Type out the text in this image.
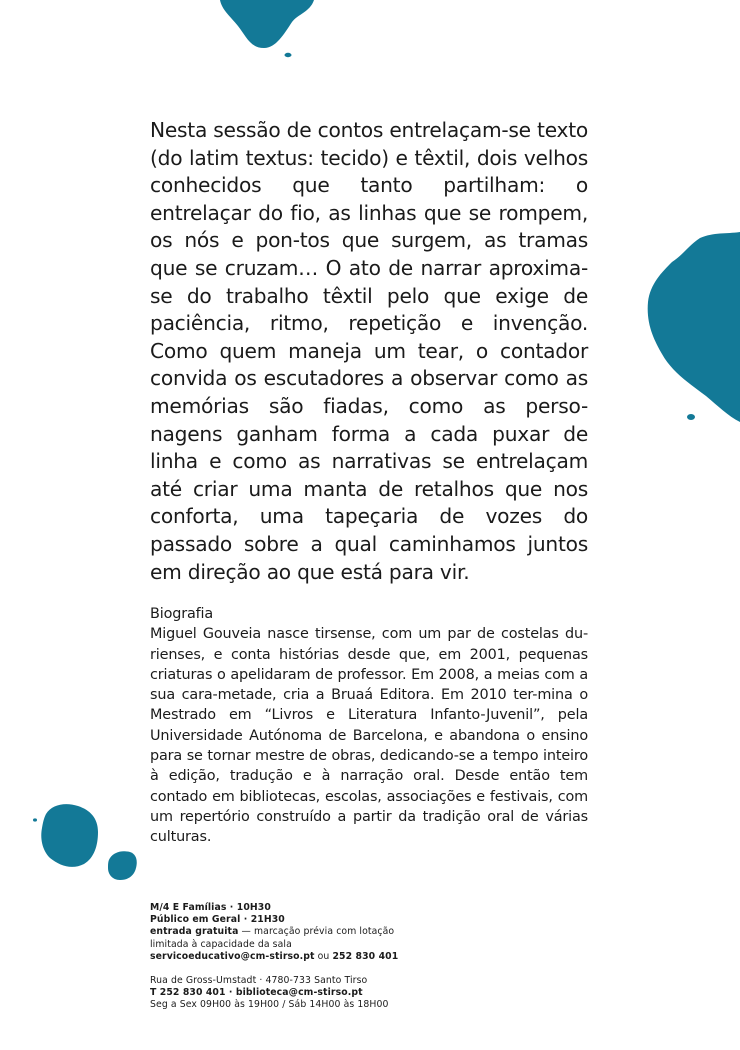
Nesta sessão de contos entrelaçam-se texto (do latim textus: tecido) e têxtil, dois velhos conhecidos que tanto partilham: o entrelaçar do fio, as linhas que se rompem, os nós e pon-tos que surgem, as tramas que se cruzam… O ato de narrar aproxima-se do trabalho têxtil pelo que exige de paciência, ritmo, repetição e invenção. Como quem maneja um tear, o contador convida os escutadores a observar como as memórias são fiadas, como as perso-nagens ganham forma a cada puxar de linha e como as narrativas se entrelaçam até criar uma manta de retalhos que nos conforta, uma tapeçaria de vozes do passado sobre a qual caminhamos juntos em direção ao que está para vir.

Biografia

Miguel Gouveia nasce tirsense, com um par de costelas du-rienses, e conta histórias desde que, em 2001, pequenas criaturas o apelidaram de professor. Em 2008, a meias com a sua cara-metade, cria a Bruaá Editora. Em 2010 ter-mina o Mestrado em “Livros e Literatura Infanto-Juvenil”, pela Universidade Autónoma de Barcelona, e abandona o ensino para se tornar mestre de obras, dedicando-se a tempo inteiro à edição, tradução e à narração oral. Desde então tem contado em bibliotecas, escolas, associações e festivais, com um repertório construído a partir da tradição oral de várias culturas.

M/4 E Famílias · 10H30
Público em Geral · 21H30
entrada gratuita — marcação prévia com lotação
limitada à capacidade da sala
servicoeducativo@cm-stirso.pt ou 252 830 401
Rua de Gross-Umstadt · 4780-733 Santo Tirso
T 252 830 401 · biblioteca@cm-stirso.pt
Seg a Sex 09H00 às 19H00 / Sáb 14H00 às 18H00
